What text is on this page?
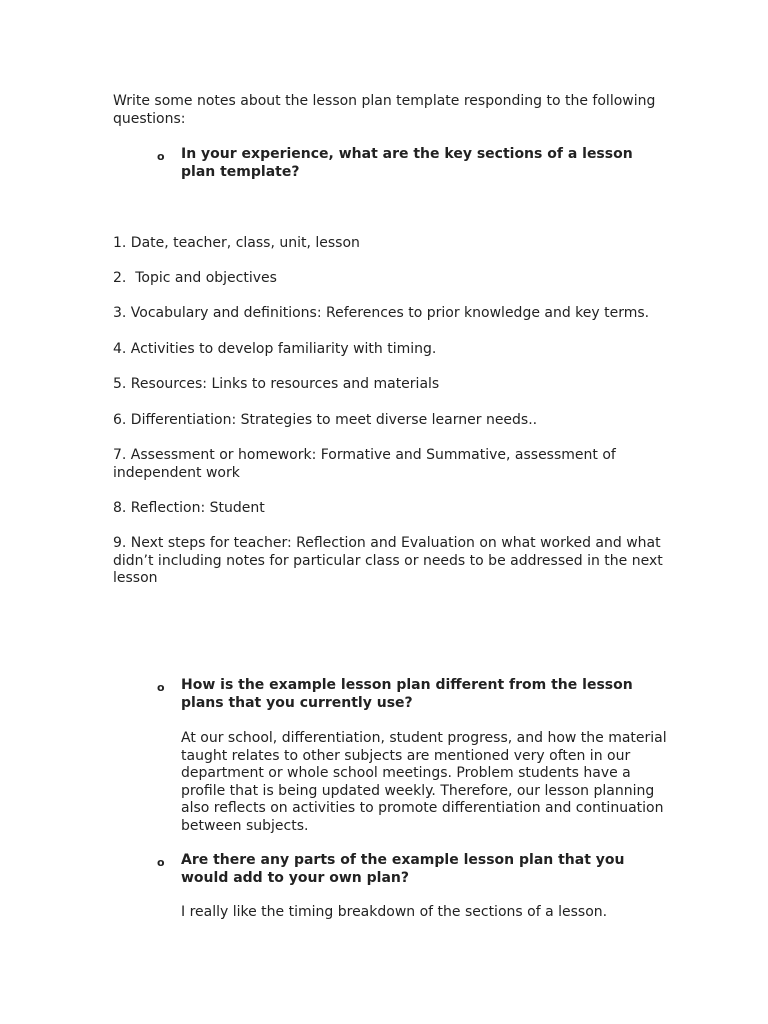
Write some notes about the lesson plan template responding to the following questions:

o In your experience, what are the key sections of a lesson plan template?

1. Date, teacher, class, unit, lesson

2.  Topic and objectives

3. Vocabulary and definitions: References to prior knowledge and key terms.

4. Activities to develop familiarity with timing.

5. Resources: Links to resources and materials

6. Differentiation: Strategies to meet diverse learner needs..

7. Assessment or homework: Formative and Summative, assessment of independent work

8. Reflection: Student

9. Next steps for teacher: Reflection and Evaluation on what worked and what didn’t including notes for particular class or needs to be addressed in the next lesson

o How is the example lesson plan different from the lesson plans that you currently use?

At our school, differentiation, student progress, and how the material taught relates to other subjects are mentioned very often in our department or whole school meetings. Problem students have a profile that is being updated weekly. Therefore, our lesson planning also reflects on activities to promote differentiation and continuation between subjects.

o Are there any parts of the example lesson plan that you would add to your own plan?

I really like the timing breakdown of the sections of a lesson.
